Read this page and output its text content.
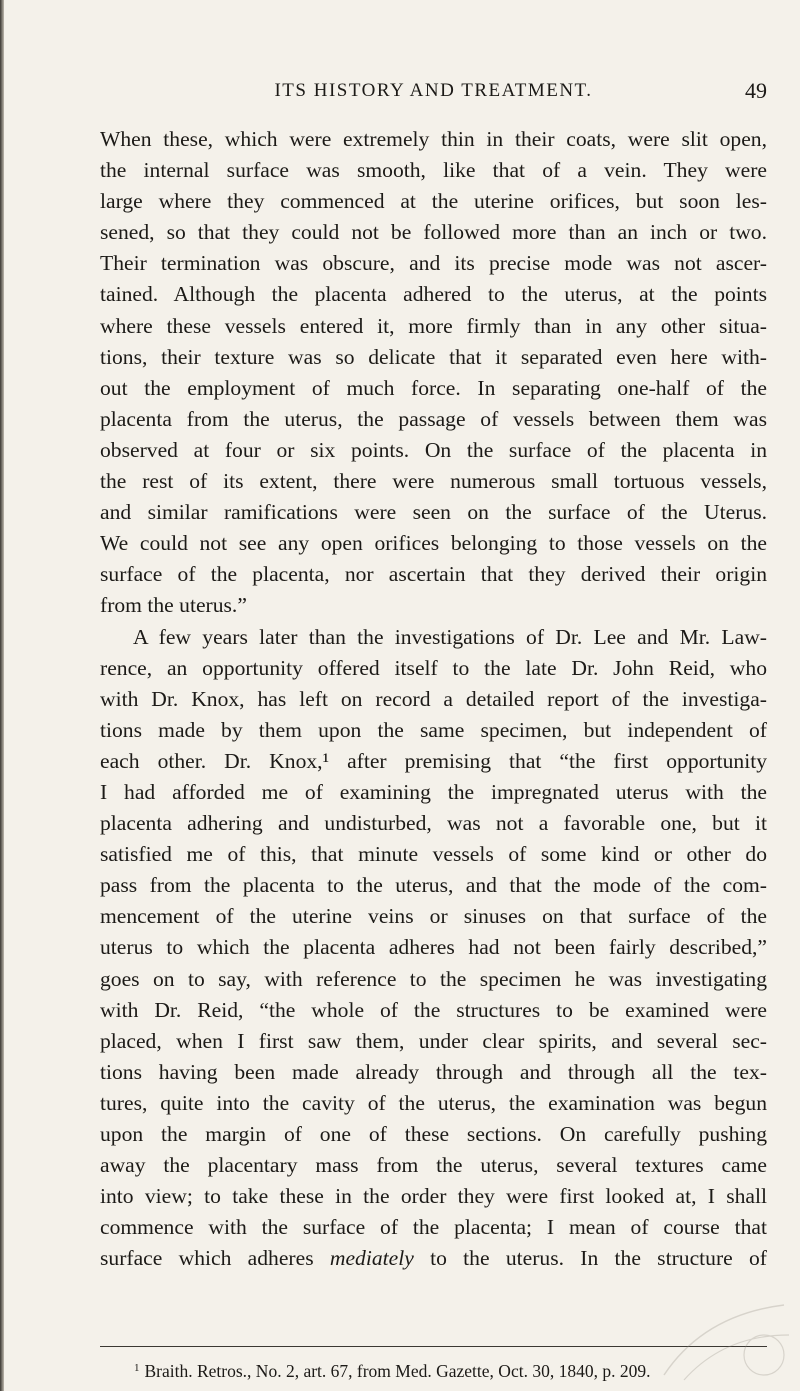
ITS HISTORY AND TREATMENT.	49
When these, which were extremely thin in their coats, were slit open,
the internal surface was smooth, like that of a vein. They were
large where they commenced at the uterine orifices, but soon les-
sened, so that they could not be followed more than an inch or two.
Their termination was obscure, and its precise mode was not ascer-
tained. Although the placenta adhered to the uterus, at the points
where these vessels entered it, more firmly than in any other situa-
tions, their texture was so delicate that it separated even here with-
out the employment of much force. In separating one-half of the
placenta from the uterus, the passage of vessels between them was
observed at four or six points. On the surface of the placenta in
the rest of its extent, there were numerous small tortuous vessels,
and similar ramifications were seen on the surface of the Uterus.
We could not see any open orifices belonging to those vessels on the
surface of the placenta, nor ascertain that they derived their origin
from the uterus.”
A few years later than the investigations of Dr. Lee and Mr. Law-
rence, an opportunity offered itself to the late Dr. John Reid, who
with Dr. Knox, has left on record a detailed report of the investiga-
tions made by them upon the same specimen, but independent of
each other. Dr. Knox,¹ after premising that “the first opportunity
I had afforded me of examining the impregnated uterus with the
placenta adhering and undisturbed, was not a favorable one, but it
satisfied me of this, that minute vessels of some kind or other do
pass from the placenta to the uterus, and that the mode of the com-
mencement of the uterine veins or sinuses on that surface of the
uterus to which the placenta adheres had not been fairly described,”
goes on to say, with reference to the specimen he was investigating
with Dr. Reid, “the whole of the structures to be examined were
placed, when I first saw them, under clear spirits, and several sec-
tions having been made already through and through all the tex-
tures, quite into the cavity of the uterus, the examination was begun
upon the margin of one of these sections. On carefully pushing
away the placentary mass from the uterus, several textures came
into view; to take these in the order they were first looked at, I shall
commence with the surface of the placenta; I mean of course that
surface which adheres mediately to the uterus. In the structure of
$^1$ Braith. Retros., No. 2, art. 67, from Med. Gazette, Oct. 30, 1840, p. 209.
